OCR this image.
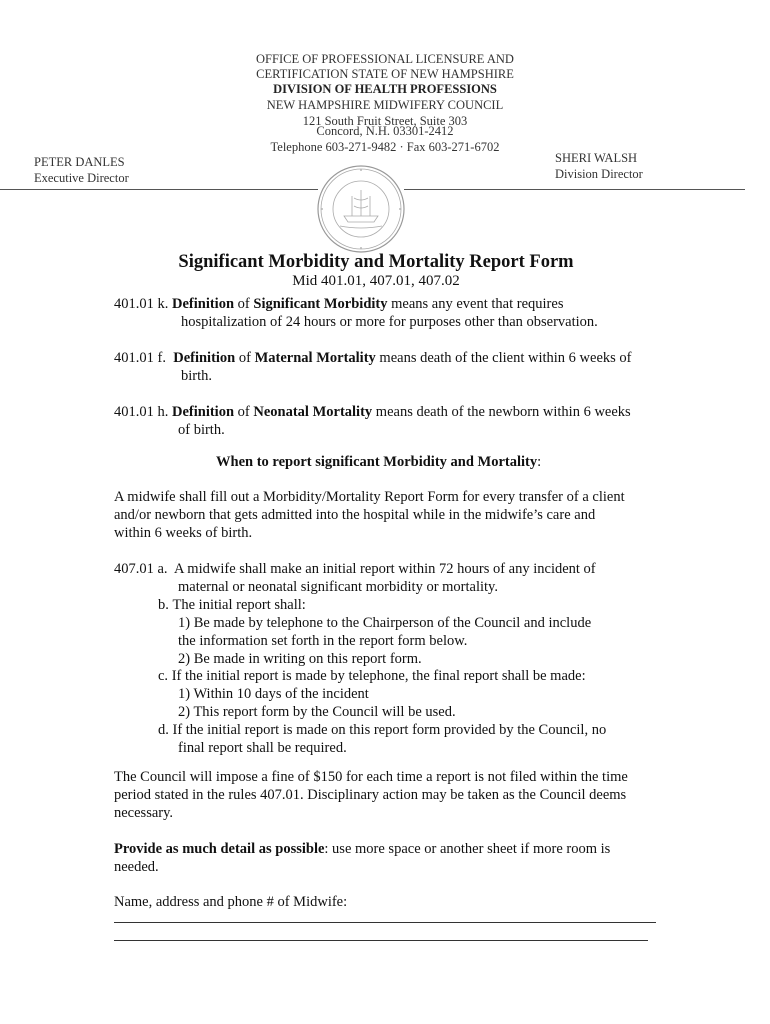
OFFICE OF PROFESSIONAL LICENSURE AND
CERTIFICATION STATE OF NEW HAMPSHIRE
DIVISION OF HEALTH PROFESSIONS
NEW HAMPSHIRE MIDWIFERY COUNCIL
121 South Fruit Street, Suite 303
Concord, N.H. 03301-2412
Telephone 603-271-9482 · Fax 603-271-6702
PETER DANLES
Executive Director
SHERI WALSH
Division Director
Significant Morbidity and Mortality Report Form
Mid 401.01, 407.01, 407.02
401.01 k. Definition of Significant Morbidity means any event that requires
hospitalization of 24 hours or more for purposes other than observation.
401.01 f. Definition of Maternal Mortality means death of the client within 6 weeks of
birth.
401.01 h. Definition of Neonatal Mortality means death of the newborn within 6 weeks
of birth.
When to report significant Morbidity and Mortality:
A midwife shall fill out a Morbidity/Mortality Report Form for every transfer of a client
and/or newborn that gets admitted into the hospital while in the midwife’s care and
within 6 weeks of birth.
407.01 a. A midwife shall make an initial report within 72 hours of any incident of
maternal or neonatal significant morbidity or mortality.
b. The initial report shall:
1) Be made by telephone to the Chairperson of the Council and include
the information set forth in the report form below.
2) Be made in writing on this report form.
c. If the initial report is made by telephone, the final report shall be made:
1) Within 10 days of the incident
2) This report form by the Council will be used.
d. If the initial report is made on this report form provided by the Council, no
final report shall be required.
The Council will impose a fine of $150 for each time a report is not filed within the time
period stated in the rules 407.01. Disciplinary action may be taken as the Council deems
necessary.
Provide as much detail as possible: use more space or another sheet if more room is
needed.
Name, address and phone # of Midwife:
